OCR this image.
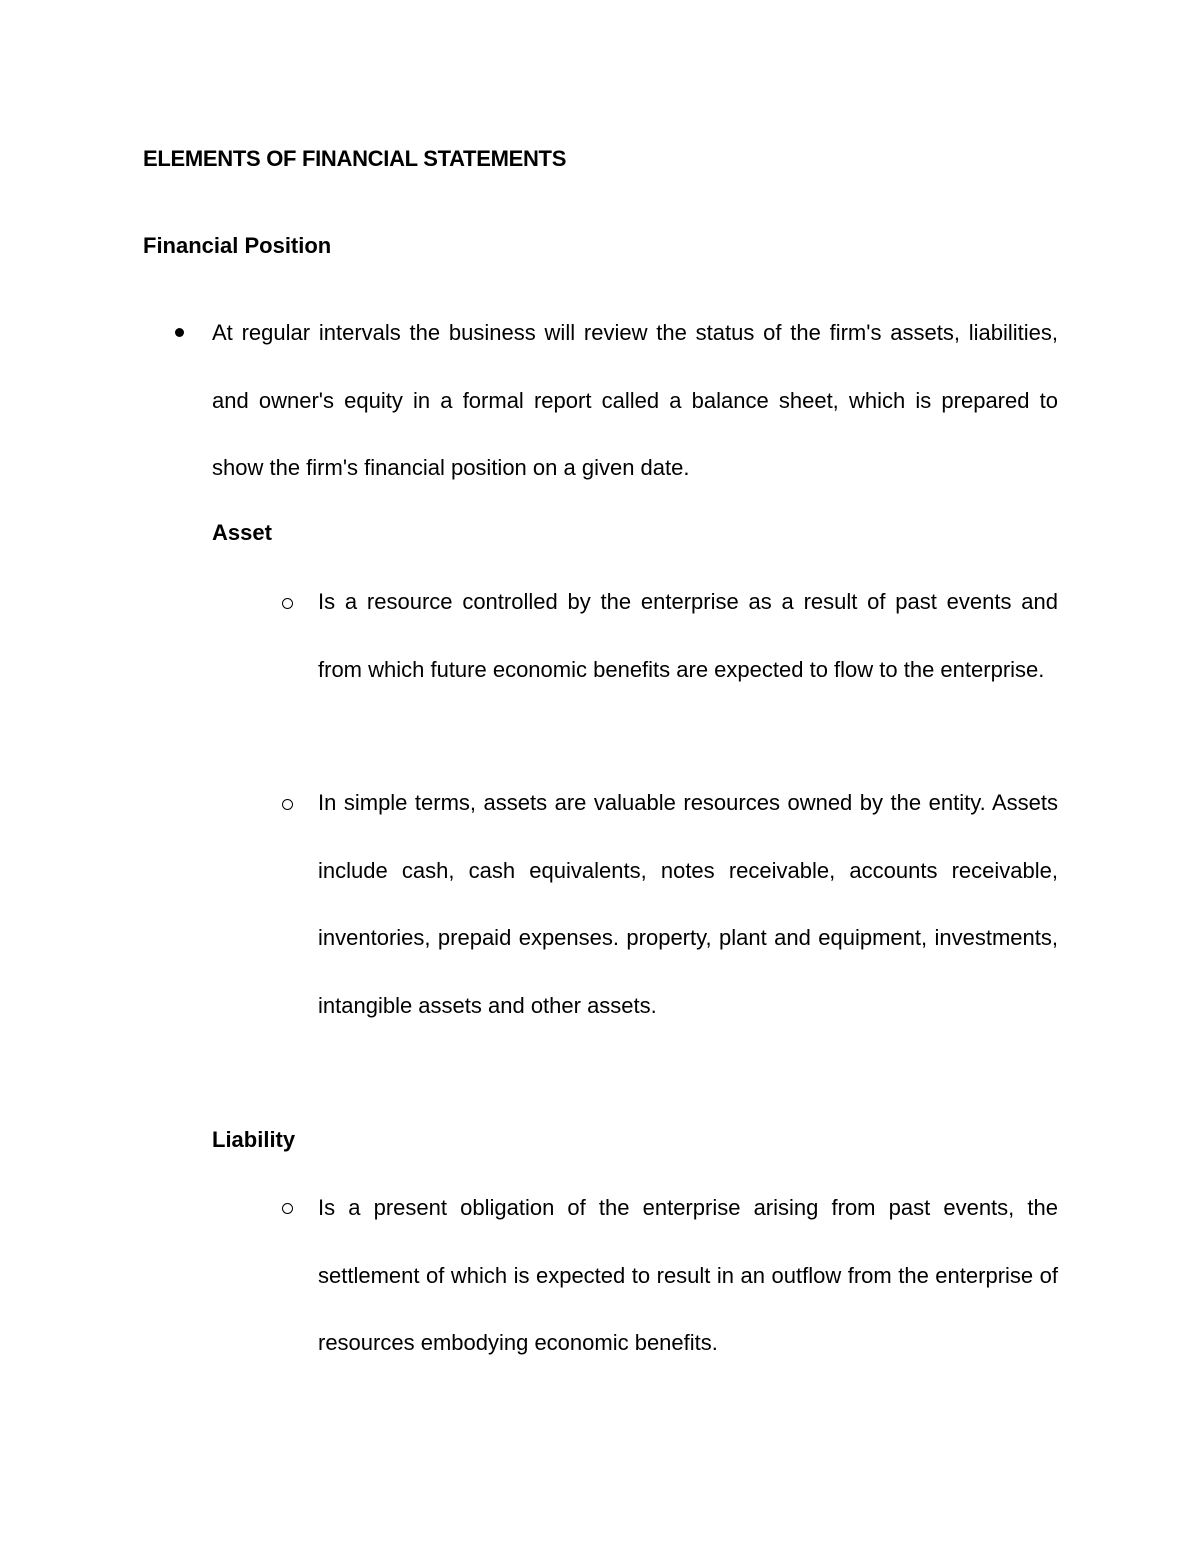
ELEMENTS OF FINANCIAL STATEMENTS
Financial Position
At regular intervals the business will review the status of the firm's assets, liabilities, and owner's equity in a formal report called a balance sheet, which is prepared to show the firm's financial position on a given date.
Asset
Is a resource controlled by the enterprise as a result of past events and from which future economic benefits are expected to flow to the enterprise.
In simple terms, assets are valuable resources owned by the entity. Assets include cash, cash equivalents, notes receivable, accounts receivable, inventories, prepaid expenses. property, plant and equipment, investments, intangible assets and other assets.
Liability
Is a present obligation of the enterprise arising from past events, the settlement of which is expected to result in an outflow from the enterprise of resources embodying economic benefits.
